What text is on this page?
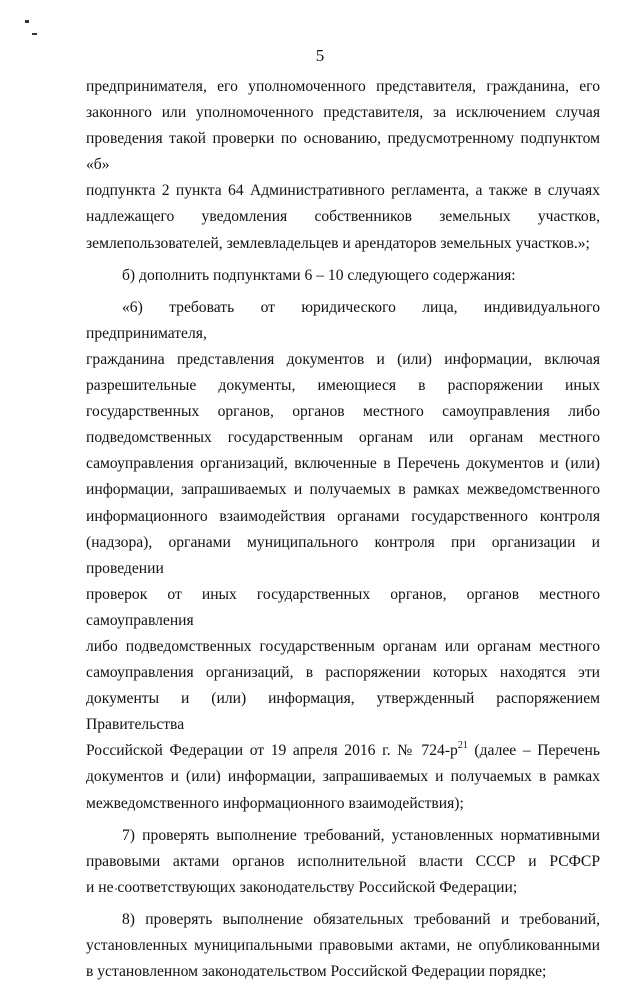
5

предпринимателя, его уполномоченного представителя, гражданина, его
законного или уполномоченного представителя, за исключением случая
проведения такой проверки по основанию, предусмотренному подпунктом «б»
подпункта 2 пункта 64 Административного регламента, а также в случаях
надлежащего уведомления собственников земельных участков,

землепользователей, землевладельцев и арендаторов земельных участков.»;

б) дополнить подпунктами 6 – 10 следующего содержания:

«6) требовать от юридического лица, индивидуального предпринимателя,

гражданина представления документов и (или) информации, включая
разрешительные документы, имеющиеся в распоряжении иных
государственных органов, органов местного самоуправления либо
подведомственных государственным органам или органам местного
самоуправления организаций, включенные в Перечень документов и (или)
информации, запрашиваемых и получаемых в рамках межведомственного
информационного взаимодействия органами государственного контроля
(надзора), органами муниципального контроля при организации и проведении
проверок от иных государственных органов, органов местного самоуправления
либо подведомственных государственным органам или органам местного
самоуправления организаций, в распоряжении которых находятся эти
документы и (или) информация, утвержденный распоряжением Правительства
Российской Федерации от 19 апреля 2016 г. № $724-р^{21}$ (далее – Перечень
документов и (или) информации, запрашиваемых и получаемых в рамках

межведомственного информационного взаимодействия);

7) проверять выполнение требований, установленных нормативными

правовыми актами органов исполнительной власти СССР и РСФСР

и не соответствующих законодательству Российской Федерации;

8) проверять выполнение обязательных требований и требований,

установленных муниципальными правовыми актами, не опубликованными

в установленном законодательством Российской Федерации порядке;
